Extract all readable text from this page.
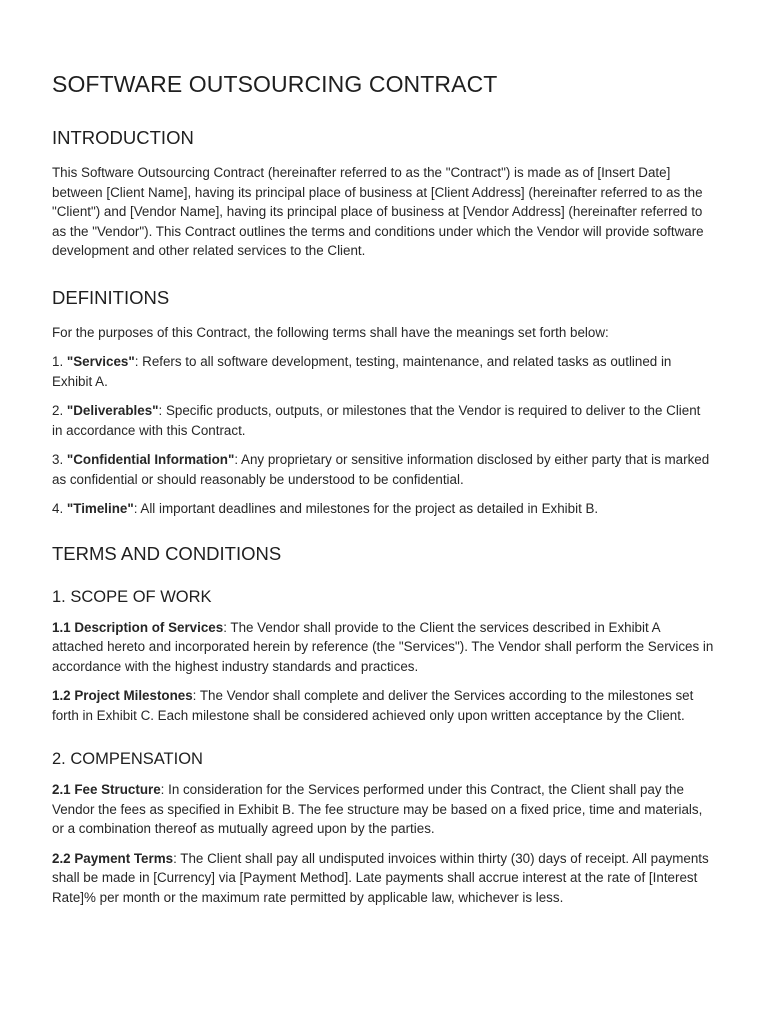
SOFTWARE OUTSOURCING CONTRACT
INTRODUCTION

This Software Outsourcing Contract (hereinafter referred to as the "Contract") is made as of [Insert Date] between [Client Name], having its principal place of business at [Client Address] (hereinafter referred to as the "Client") and [Vendor Name], having its principal place of business at [Vendor Address] (hereinafter referred to as the "Vendor"). This Contract outlines the terms and conditions under which the Vendor will provide software development and other related services to the Client.

DEFINITIONS

For the purposes of this Contract, the following terms shall have the meanings set forth below:

1. "Services": Refers to all software development, testing, maintenance, and related tasks as outlined in Exhibit A.

2. "Deliverables": Specific products, outputs, or milestones that the Vendor is required to deliver to the Client in accordance with this Contract.

3. "Confidential Information": Any proprietary or sensitive information disclosed by either party that is marked as confidential or should reasonably be understood to be confidential.

4. "Timeline": All important deadlines and milestones for the project as detailed in Exhibit B.

TERMS AND CONDITIONS
1. SCOPE OF WORK

1.1 Description of Services: The Vendor shall provide to the Client the services described in Exhibit A attached hereto and incorporated herein by reference (the "Services"). The Vendor shall perform the Services in accordance with the highest industry standards and practices.

1.2 Project Milestones: The Vendor shall complete and deliver the Services according to the milestones set forth in Exhibit C. Each milestone shall be considered achieved only upon written acceptance by the Client.

2. COMPENSATION

2.1 Fee Structure: In consideration for the Services performed under this Contract, the Client shall pay the Vendor the fees as specified in Exhibit B. The fee structure may be based on a fixed price, time and materials, or a combination thereof as mutually agreed upon by the parties.

2.2 Payment Terms: The Client shall pay all undisputed invoices within thirty (30) days of receipt. All payments shall be made in [Currency] via [Payment Method]. Late payments shall accrue interest at the rate of [Interest Rate]% per month or the maximum rate permitted by applicable law, whichever is less.
